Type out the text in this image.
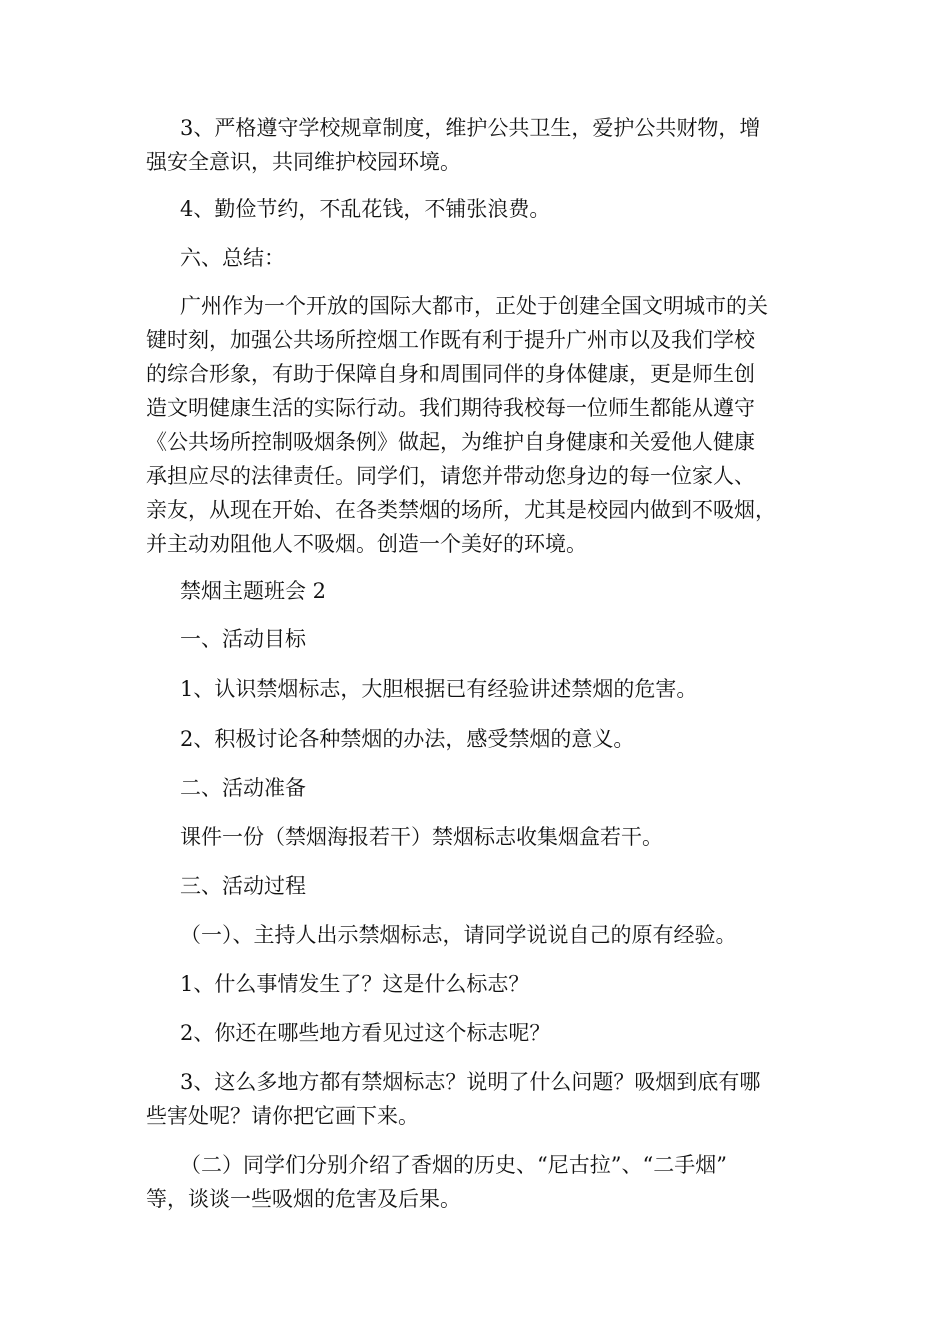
3、严格遵守学校规章制度，维护公共卫生，爱护公共财物，增
强安全意识，共同维护校园环境。

4、勤俭节约，不乱花钱，不铺张浪费。

六、总结：

广州作为一个开放的国际大都市，正处于创建全国文明城市的关
键时刻，加强公共场所控烟工作既有利于提升广州市以及我们学校
的综合形象，有助于保障自身和周围同伴的身体健康，更是师生创
造文明健康生活的实际行动。我们期待我校每一位师生都能从遵守
《公共场所控制吸烟条例》做起，为维护自身健康和关爱他人健康
承担应尽的法律责任。同学们，请您并带动您身边的每一位家人、
亲友，从现在开始、在各类禁烟的场所，尤其是校园内做到不吸烟，
并主动劝阻他人不吸烟。创造一个美好的环境。

禁烟主题班会 2

一、活动目标

1、认识禁烟标志，大胆根据已有经验讲述禁烟的危害。

2、积极讨论各种禁烟的办法，感受禁烟的意义。

二、活动准备

课件一份（禁烟海报若干）禁烟标志收集烟盒若干。

三、活动过程

（一）、主持人出示禁烟标志，请同学说说自己的原有经验。

1、什么事情发生了？这是什么标志？

2、你还在哪些地方看见过这个标志呢？

3、这么多地方都有禁烟标志？说明了什么问题？吸烟到底有哪
些害处呢？请你把它画下来。

（二）同学们分别介绍了香烟的历史、“尼古拉”、“二手烟”
等，谈谈一些吸烟的危害及后果。
